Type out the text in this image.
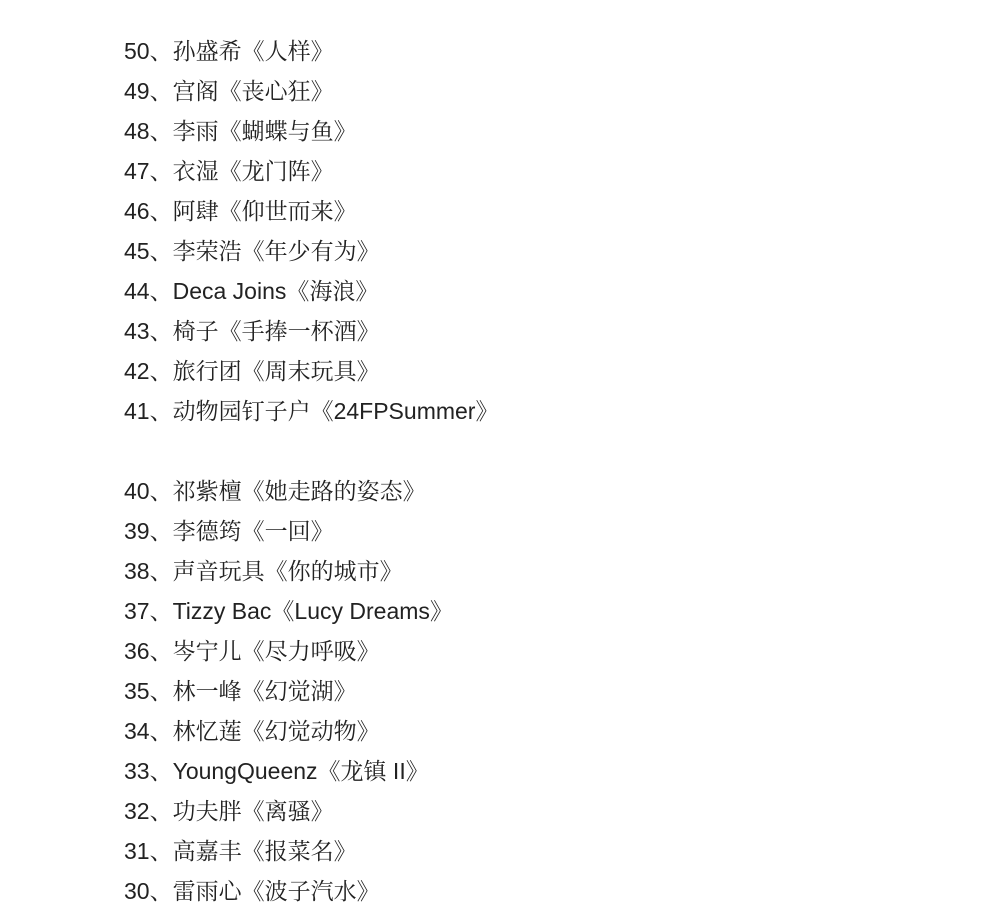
50、孙盛希《人样》
49、宫阁《丧心狂》
48、李雨《蝴蝶与鱼》
47、衣湿《龙门阵》
46、阿肆《仰世而来》
45、李荣浩《年少有为》
44、Deca Joins《海浪》
43、椅子《手捧一杯酒》
42、旅行团《周末玩具》
41、动物园钉子户《24FPSummer》
40、祁紫檀《她走路的姿态》
39、李德筠《一回》
38、声音玩具《你的城市》
37、Tizzy Bac《Lucy Dreams》
36、岑宁儿《尽力呼吸》
35、林一峰《幻觉湖》
34、林忆莲《幻觉动物》
33、YoungQueenz《龙镇 II》
32、功夫胖《离骚》
31、高嘉丰《报菜名》
30、雷雨心《波子汽水》
